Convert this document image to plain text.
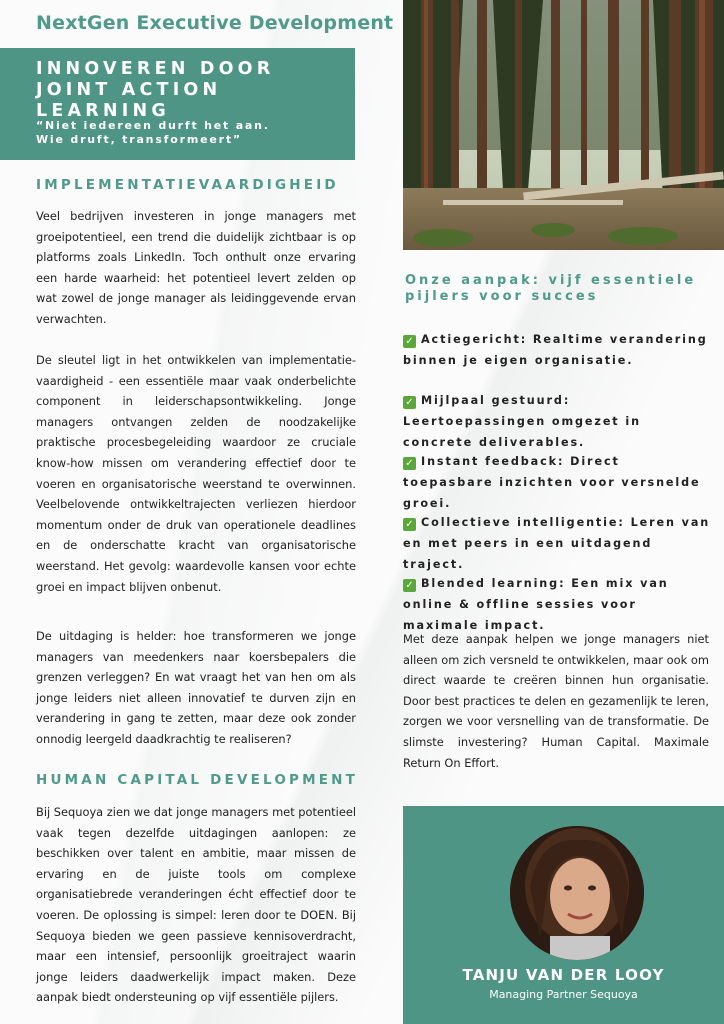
NextGen Executive Development
INNOVEREN DOOR JOINT ACTION LEARNING
“Niet iedereen durft het aan.
Wie druft, transformeert”
IMPLEMENTATIEVAARDIGHEID
Veel bedrijven investeren in jonge managers met groeipotentieel, een trend die duidelijk zichtbaar is op platforms zoals LinkedIn. Toch onthult onze ervaring een harde waarheid: het potentieel levert zelden op wat zowel de jonge manager als leidinggevende ervan verwachten.
De sleutel ligt in het ontwikkelen van implementatie-vaardigheid - een essentiële maar vaak onderbelichte component in leiderschapsontwikkeling. Jonge managers ontvangen zelden de noodzakelijke praktische procesbegeleiding waardoor ze cruciale know-how missen om verandering effectief door te voeren en organisatorische weerstand te overwinnen. Veelbelovende ontwikkeltrajecten verliezen hierdoor momentum onder de druk van operationele deadlines en de onderschatte kracht van organisatorische weerstand. Het gevolg: waardevolle kansen voor echte groei en impact blijven onbenut.
De uitdaging is helder: hoe transformeren we jonge managers van meedenkers naar koersbepalers die grenzen verleggen? En wat vraagt het van hen om als jonge leiders niet alleen innovatief te durven zijn en verandering in gang te zetten, maar deze ook zonder onnodig leergeld daadkrachtig te realiseren?
HUMAN CAPITAL DEVELOPMENT
Bij Sequoya zien we dat jonge managers met potentieel vaak tegen dezelfde uitdagingen aanlopen: ze beschikken over talent en ambitie, maar missen de ervaring en de juiste tools om complexe organisatiebrede veranderingen écht effectief door te voeren. De oplossing is simpel: leren door te DOEN. Bij Sequoya bieden we geen passieve kennisoverdracht, maar een intensief, persoonlijk groeitraject waarin jonge leiders daadwerkelijk impact maken. Deze aanpak biedt ondersteuning op vijf essentiële pijlers.
Onze aanpak: vijf essentiele pijlers voor succes
✓ Actiegericht: Realtime verandering binnen je eigen organisatie.
✓ Mijlpaal gestuurd: Leertoepassingen omgezet in concrete deliverables.
✓ Instant feedback: Direct toepasbare inzichten voor versnelde groei.
✓ Collectieve intelligentie: Leren van en met peers in een uitdagend traject.
✓ Blended learning: Een mix van online & offline sessies voor maximale impact.
Met deze aanpak helpen we jonge managers niet alleen om zich versneld te ontwikkelen, maar ook om direct waarde te creëren binnen hun organisatie. Door best practices te delen en gezamenlijk te leren, zorgen we voor versnelling van de transformatie. De slimste investering? Human Capital. Maximale Return On Effort.
TANJU VAN DER LOOY
Managing Partner Sequoya
